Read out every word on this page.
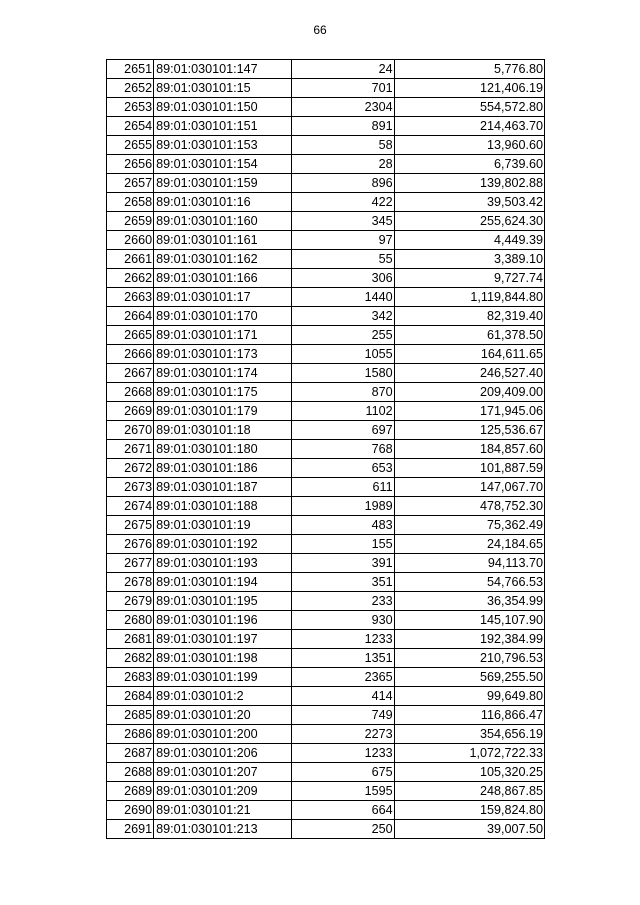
66
2651	89:01:030101:147	24	5,776.80
2652	89:01:030101:15	701	121,406.19
2653	89:01:030101:150	2304	554,572.80
2654	89:01:030101:151	891	214,463.70
2655	89:01:030101:153	58	13,960.60
2656	89:01:030101:154	28	6,739.60
2657	89:01:030101:159	896	139,802.88
2658	89:01:030101:16	422	39,503.42
2659	89:01:030101:160	345	255,624.30
2660	89:01:030101:161	97	4,449.39
2661	89:01:030101:162	55	3,389.10
2662	89:01:030101:166	306	9,727.74
2663	89:01:030101:17	1440	1,119,844.80
2664	89:01:030101:170	342	82,319.40
2665	89:01:030101:171	255	61,378.50
2666	89:01:030101:173	1055	164,611.65
2667	89:01:030101:174	1580	246,527.40
2668	89:01:030101:175	870	209,409.00
2669	89:01:030101:179	1102	171,945.06
2670	89:01:030101:18	697	125,536.67
2671	89:01:030101:180	768	184,857.60
2672	89:01:030101:186	653	101,887.59
2673	89:01:030101:187	611	147,067.70
2674	89:01:030101:188	1989	478,752.30
2675	89:01:030101:19	483	75,362.49
2676	89:01:030101:192	155	24,184.65
2677	89:01:030101:193	391	94,113.70
2678	89:01:030101:194	351	54,766.53
2679	89:01:030101:195	233	36,354.99
2680	89:01:030101:196	930	145,107.90
2681	89:01:030101:197	1233	192,384.99
2682	89:01:030101:198	1351	210,796.53
2683	89:01:030101:199	2365	569,255.50
2684	89:01:030101:2	414	99,649.80
2685	89:01:030101:20	749	116,866.47
2686	89:01:030101:200	2273	354,656.19
2687	89:01:030101:206	1233	1,072,722.33
2688	89:01:030101:207	675	105,320.25
2689	89:01:030101:209	1595	248,867.85
2690	89:01:030101:21	664	159,824.80
2691	89:01:030101:213	250	39,007.50
